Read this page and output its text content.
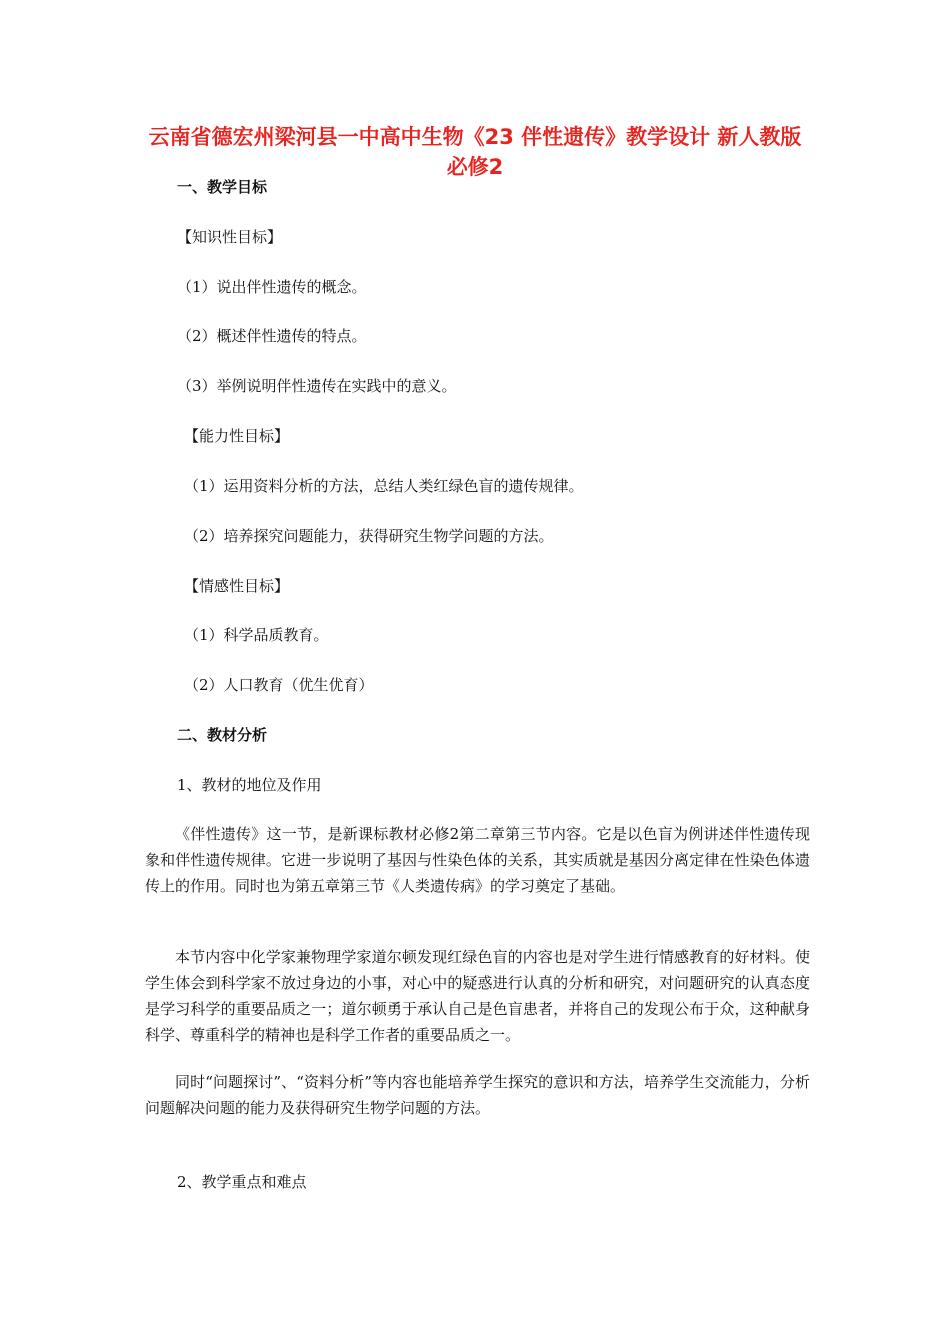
云南省德宏州梁河县一中高中生物《23 伴性遗传》教学设计 新人教版必修2
一、教学目标
【知识性目标】
（1）说出伴性遗传的概念。
（2）概述伴性遗传的特点。
（3）举例说明伴性遗传在实践中的意义。
【能力性目标】
（1）运用资料分析的方法，总结人类红绿色盲的遗传规律。
（2）培养探究问题能力，获得研究生物学问题的方法。
【情感性目标】
（1）科学品质教育。
（2）人口教育（优生优育）
二、教材分析
1、教材的地位及作用

《伴性遗传》这一节，是新课标教材必修2第二章第三节内容。它是以色盲为例讲述伴性遗传现象和伴性遗传规律。它进一步说明了基因与性染色体的关系，其实质就是基因分离定律在性染色体遗传上的作用。同时也为第五章第三节《人类遗传病》的学习奠定了基础。

本节内容中化学家兼物理学家道尔顿发现红绿色盲的内容也是对学生进行情感教育的好材料。使学生体会到科学家不放过身边的小事，对心中的疑惑进行认真的分析和研究，对问题研究的认真态度是学习科学的重要品质之一；道尔顿勇于承认自己是色盲患者，并将自己的发现公布于众，这种献身科学、尊重科学的精神也是科学工作者的重要品质之一。

同时“问题探讨”、“资料分析”等内容也能培养学生探究的意识和方法，培养学生交流能力，分析问题解决问题的能力及获得研究生物学问题的方法。

2、教学重点和难点
